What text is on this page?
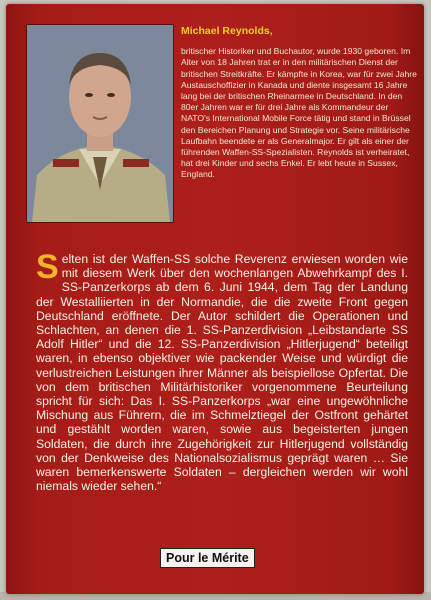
Michael Reynolds,
britischer Historiker und Buchautor, wurde 1930 geboren. Im Alter von 18 Jahren trat er in den militärischen Dienst der britischen Streitkräfte. Er kämpfte in Korea, war für zwei Jahre Austauschoffizier in Kanada und diente insgesamt 16 Jahre lang bei der britischen Rheinarmee in Deutschland. In den 80er Jahren war er für drei Jahre als Kommandeur der NATO's International Mobile Force tätig und stand in Brüssel den Bereichen Planung und Strategie vor. Seine militärische Laufbahn beendete er als Generalmajor. Er gilt als einer der führenden Waffen-SS-Spezialisten. Reynolds ist verheiratet, hat drei Kinder und sechs Enkel. Er lebt heute in Sussex, England.
Selten ist der Waffen-SS solche Reverenz erwiesen worden wie mit diesem Werk über den wochenlangen Abwehrkampf des I. SS-Panzerkorps ab dem 6. Juni 1944, dem Tag der Landung der Westalliierten in der Normandie, die die zweite Front gegen Deutschland eröffnete. Der Autor schildert die Operationen und Schlachten, an denen die 1. SS-Panzerdivision „Leibstandarte SS Adolf Hitler“ und die 12. SS-Panzerdivision „Hitlerjugend“ beteiligt waren, in ebenso objektiver wie packender Weise und würdigt die verlustreichen Leistungen ihrer Männer als beispiellose Opfertat. Die von dem britischen Militärhistoriker vorgenommene Beurteilung spricht für sich: Das I. SS-Panzerkorps „war eine ungewöhnliche Mischung aus Führern, die im Schmelztiegel der Ostfront gehärtet und gestählt worden waren, sowie aus begeisterten jungen Soldaten, die durch ihre Zugehörigkeit zur Hitlerjugend vollständig von der Denkweise des Nationalsozialismus geprägt waren … Sie waren bemerkenswerte Soldaten – dergleichen werden wir wohl niemals wieder sehen.“
Pour le Mérite
